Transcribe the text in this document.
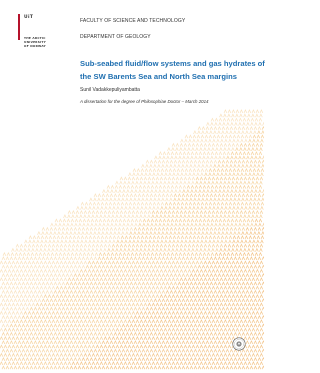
UiT
THE ARCTIC
UNIVERSITY
OF NORWAY
FACULTY OF SCIENCE AND TECHNOLOGY
DEPARTMENT OF GEOLOGY
Sub-seabed fluid/flow systems and gas hydrates of
the SW Barents Sea and North Sea margins
Sunil Vadakkepuliyambatta
A dissertation for the degree of Philosophiae Doctor – March 2014
